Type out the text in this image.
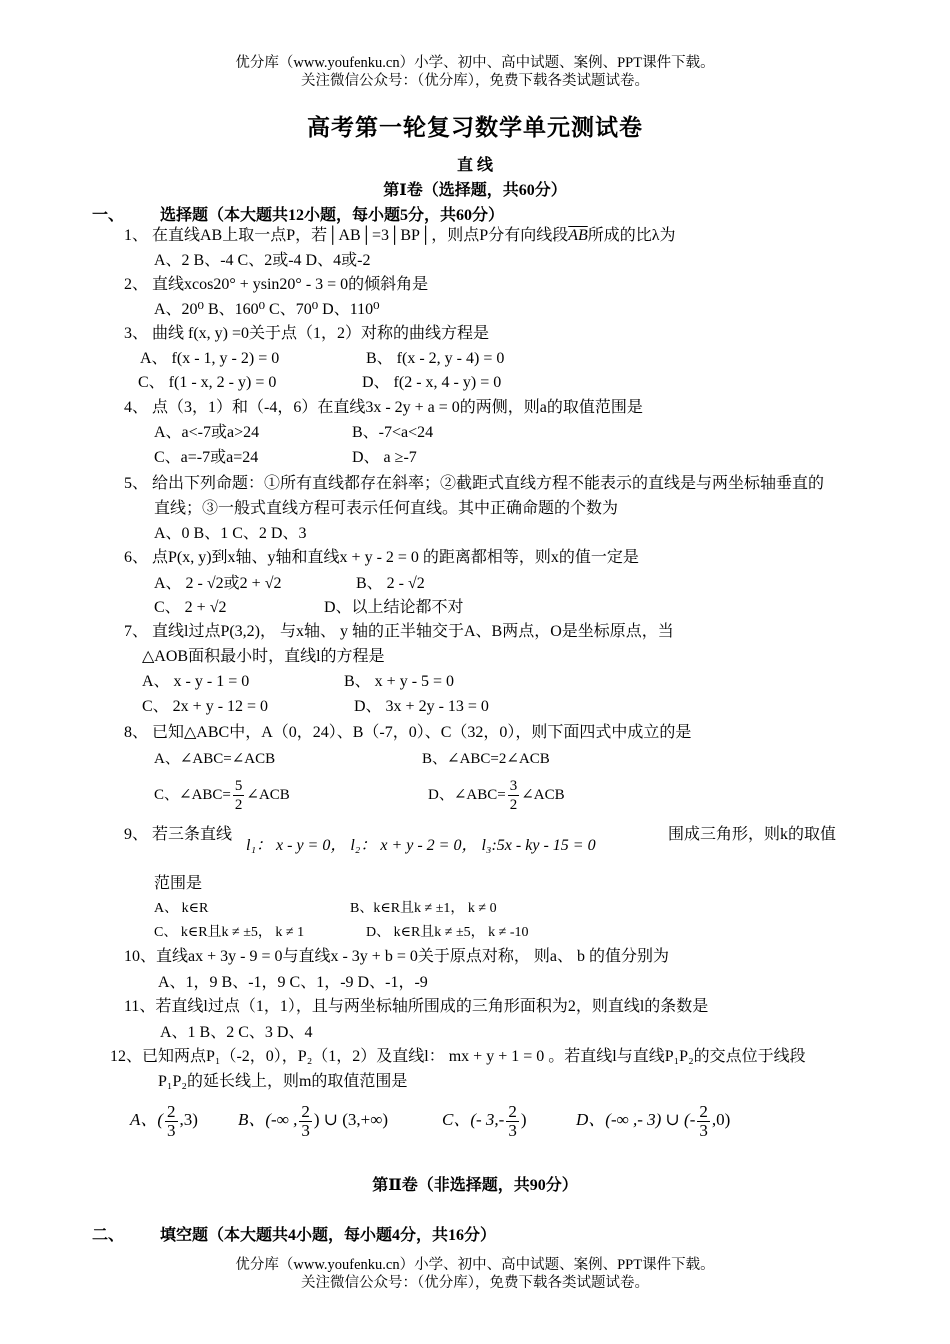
优分库（www.youfenku.cn）小学、初中、高中试题、案例、PPT课件下载。
关注微信公众号：（优分库），免费下载各类试题试卷。
高考第一轮复习数学单元测试卷
直 线
第Ⅰ卷（选择题，共60分）
一、 选择题（本大题共12小题，每小题5分，共60分）
1、 在直线AB上取一点P，若│AB│=3│BP│，则点P分有向线段$\overline{AB}$所成的比λ为
A、2 B、-4 C、2或-4 D、4或-2
2、 直线xcos20° + ysin20° - 3 = 0的倾斜角是
A、20⁰ B、160⁰ C、70⁰ D、110⁰
3、 曲线 f(x, y) =0关于点（1，2）对称的曲线方程是
A、 f(x - 1, y - 2) = 0	B、 f(x - 2, y - 4) = 0
C、 f(1 - x, 2 - y) = 0	D、 f(2 - x, 4 - y) = 0
4、 点（3，1）和（-4，6）在直线3x - 2y + a = 0的两侧，则a的取值范围是
A、a<-7或a>24	B、-7<a<24
C、a=-7或a=24	D、 a ≥-7
5、 给出下列命题：①所有直线都存在斜率；②截距式直线方程不能表示的直线是与两坐标轴垂直的
直线；③一般式直线方程可表示任何直线。其中正确命题的个数为
A、0 B、1 C、2 D、3
6、 点P(x, y)到x轴、y轴和直线x + y - 2 = 0 的距离都相等，则x的值一定是
A、 2 - √2或2 + √2	B、 2 - √2
C、 2 + √2	D、以上结论都不对
7、 直线l过点P(3,2)， 与x轴、 y 轴的正半轴交于A、B两点，O是坐标原点，当
△AOB面积最小时，直线l的方程是
A、 x - y - 1 = 0	B、 x + y - 5 = 0
C、 2x + y - 12 = 0	D、 3x + 2y - 13 = 0
8、 已知△ABC中，A（0，24）、B（-7，0）、C（32，0），则下面四式中成立的是
A、∠ABC=∠ACB	B、∠ABC=2∠ACB
C、∠ABC= $\frac{5}{2}$ ∠ACB	D、∠ABC= $\frac{3}{2}$ ∠ACB
9、 若三条直线
l₁： x - y = 0， l₂： x + y - 2 = 0， l₃:5x - ky - 15 = 0
围成三角形，则k的取值
范围是
A、 k∈R	B、k∈R且k ≠ ±1， k ≠ 0
C、 k∈R且k ≠ ±5， k ≠ 1	D、 k∈R且k ≠ ±5， k ≠ -10
10、直线ax + 3y - 9 = 0与直线x - 3y + b = 0关于原点对称， 则a、 b 的值分别为
A、1，9 B、-1，9 C、1，-9 D、-1，-9
11、若直线l过点（1，1），且与两坐标轴所围成的三角形面积为2，则直线l的条数是
A、1 B、2 C、3 D、4
12、已知两点P₁（-2，0），P₂（1，2）及直线l： mx + y + 1 = 0 。若直线l与直线P₁P₂的交点位于线段
P₁P₂的延长线上，则m的取值范围是
A、( $\frac{2}{3} ,3$) B、(-∞ , $\frac{2}{3}$ ) ∪ (3,+∞)	C、(- $3,- \frac{2}{3}$ )	D、(-∞ ,- 3) ∪ (- $\frac{2}{3} ,0$)
第Ⅱ卷（非选择题，共90分）
二、 填空题（本大题共4小题，每小题4分，共16分）
优分库（www.youfenku.cn）小学、初中、高中试题、案例、PPT课件下载。
关注微信公众号：（优分库），免费下载各类试题试卷。
